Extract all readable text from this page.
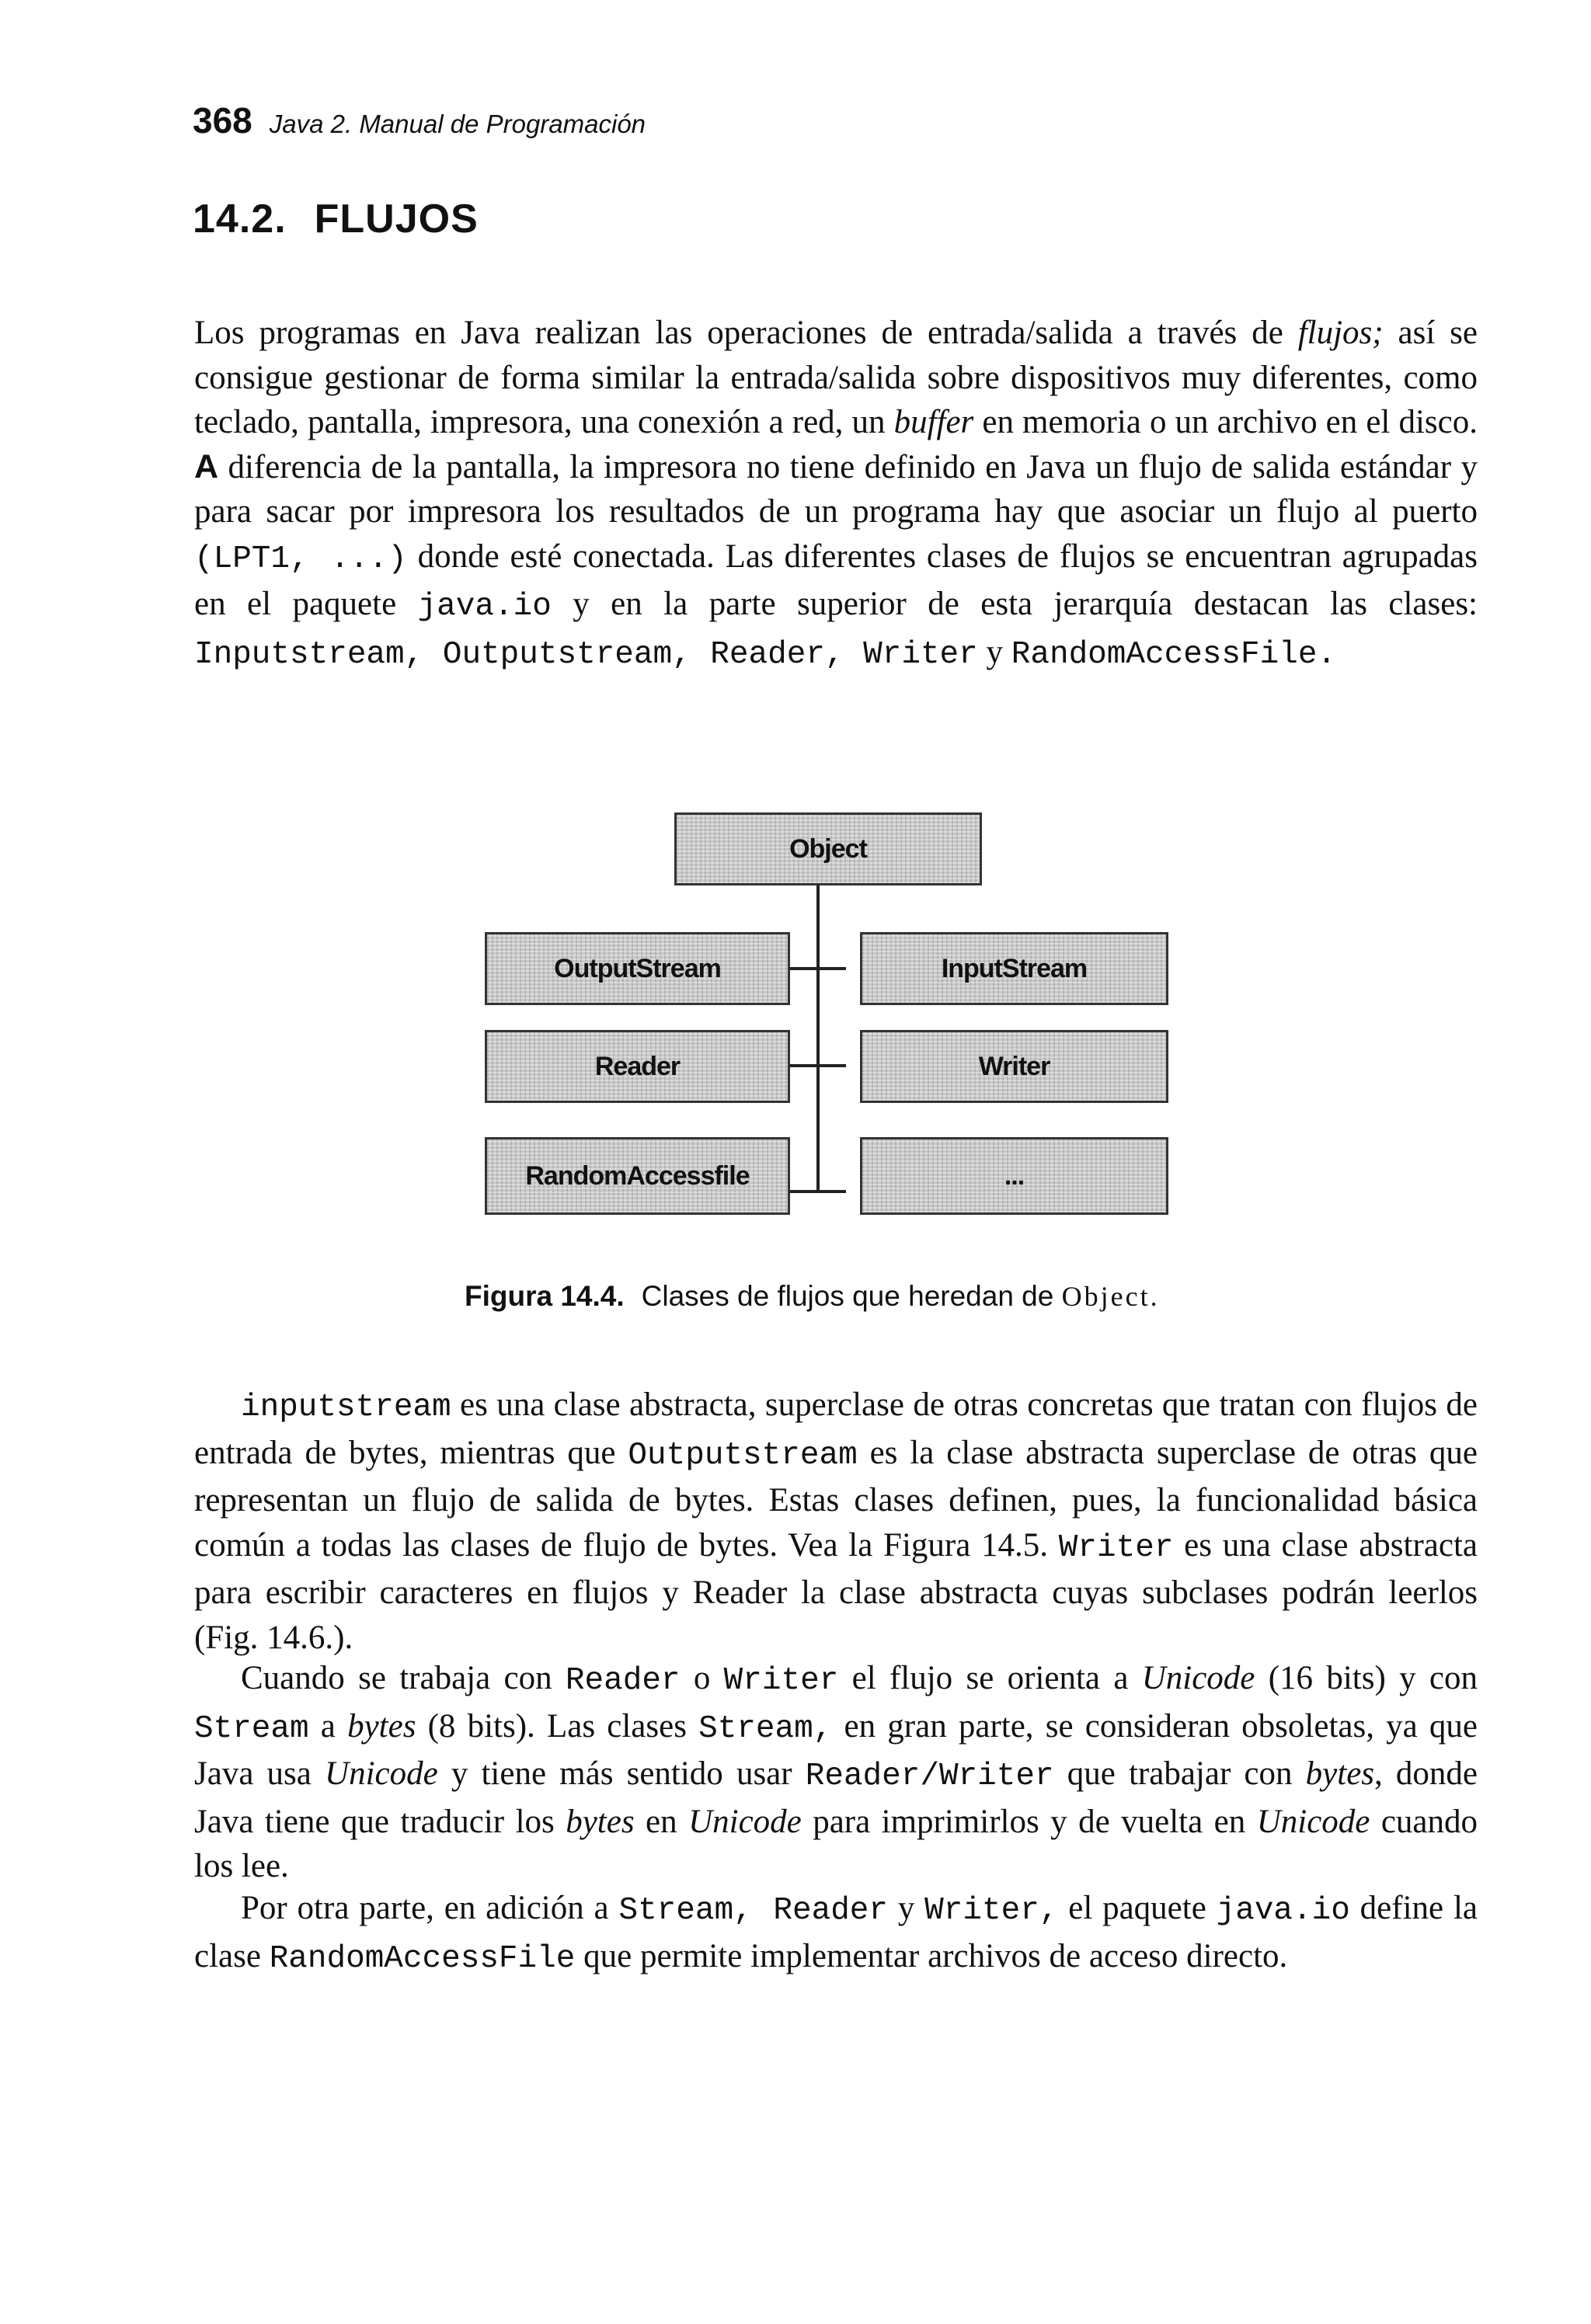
368 Java 2. Manual de Programación
14.2. FLUJOS

Los programas en Java realizan las operaciones de entrada/salida a través de flujos; así se consigue gestionar de forma similar la entrada/salida sobre dispositivos muy diferentes, como teclado, pantalla, impresora, una conexión a red, un buffer en memoria o un archivo en el disco. A diferencia de la pantalla, la impresora no tiene definido en Java un flujo de salida estándar y para sacar por impresora los resultados de un programa hay que asociar un flujo al puerto (LPT1, ...) donde esté conectada. Las diferentes clases de flujos se encuentran agrupadas en el paquete java.io y en la parte superior de esta jerarquía destacan las clases: Inputstream, Outputstream, Reader, Writer y RandomAccessFile.

Object
OutputStream	InputStream
Reader	Writer
RandomAccessfile	...
Figura 14.4. Clases de flujos que heredan de Object.

inputstream es una clase abstracta, superclase de otras concretas que tratan con flujos de entrada de bytes, mientras que Outputstream es la clase abstracta superclase de otras que representan un flujo de salida de bytes. Estas clases definen, pues, la funcionalidad básica común a todas las clases de flujo de bytes. Vea la Figura 14.5. Writer es una clase abstracta para escribir caracteres en flujos y Reader la clase abstracta cuyas subclases podrán leerlos (Fig. 14.6.).

Cuando se trabaja con Reader o Writer el flujo se orienta a Unicode (16 bits) y con Stream a bytes (8 bits). Las clases Stream, en gran parte, se consideran obsoletas, ya que Java usa Unicode y tiene más sentido usar Reader/Writer que trabajar con bytes, donde Java tiene que traducir los bytes en Unicode para imprimirlos y de vuelta en Unicode cuando los lee.

Por otra parte, en adición a Stream, Reader y Writer, el paquete java.io define la clase RandomAccessFile que permite implementar archivos de acceso directo.
